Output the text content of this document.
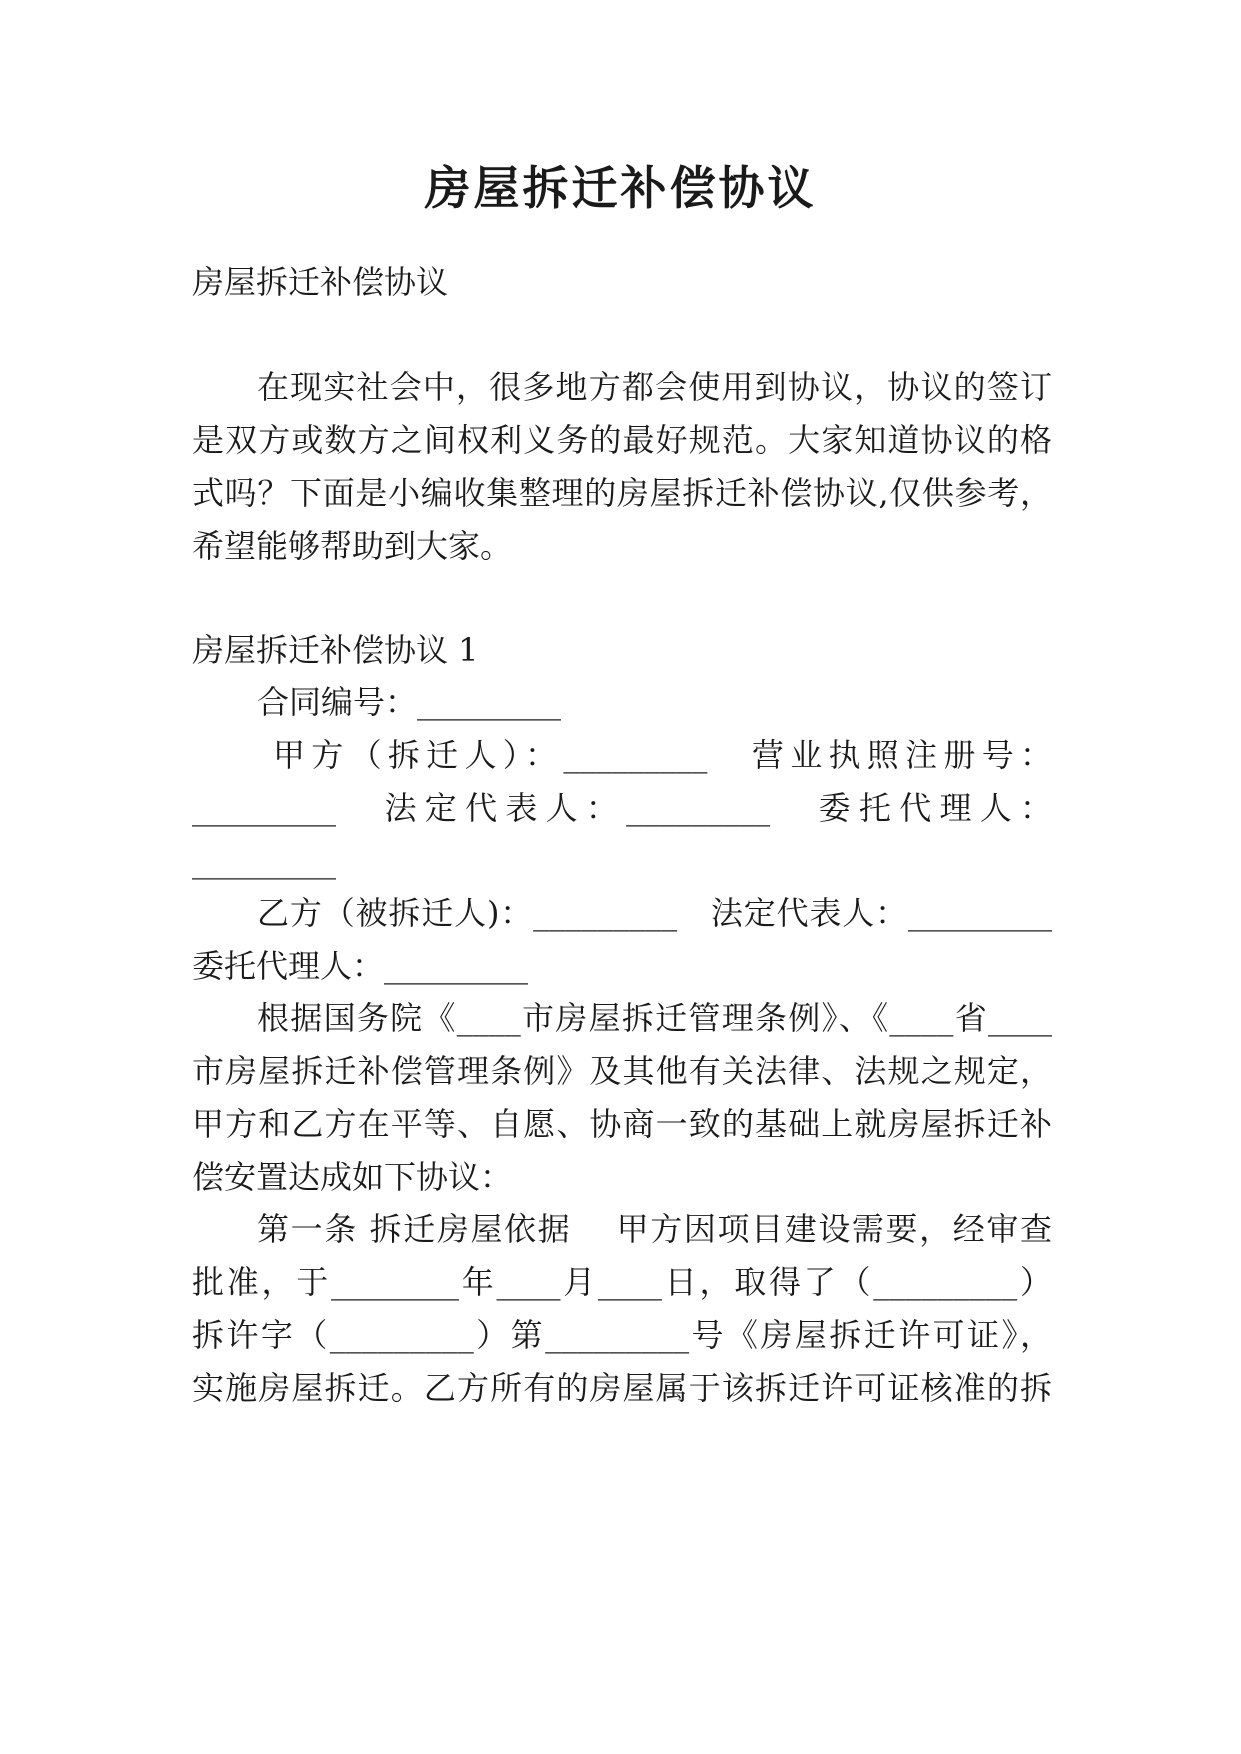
房屋拆迁补偿协议
房屋拆迁补偿协议
在现实社会中，很多地方都会使用到协议，协议的签订
是双方或数方之间权利义务的最好规范。大家知道协议的格
式吗？下面是小编收集整理的房屋拆迁补偿协议,仅供参考，
希望能够帮助到大家。
房屋拆迁补偿协议 1
合同编号：_________
甲方（拆迁人）：_________　营业执照注册号：
_________　法定代表人：_________　委托代理人：
_________
乙方（被拆迁人)：_________　法定代表人：_________
委托代理人：_________
根据国务院《____市房屋拆迁管理条例》、《____省____
市房屋拆迁补偿管理条例》及其他有关法律、法规之规定，
甲方和乙方在平等、自愿、协商一致的基础上就房屋拆迁补
偿安置达成如下协议：
第一条 拆迁房屋依据　 甲方因项目建设需要，经审查
批准，于________年____月____日，取得了（_________）
拆许字（_________）第_________号《房屋拆迁许可证》，
实施房屋拆迁。乙方所有的房屋属于该拆迁许可证核准的拆
